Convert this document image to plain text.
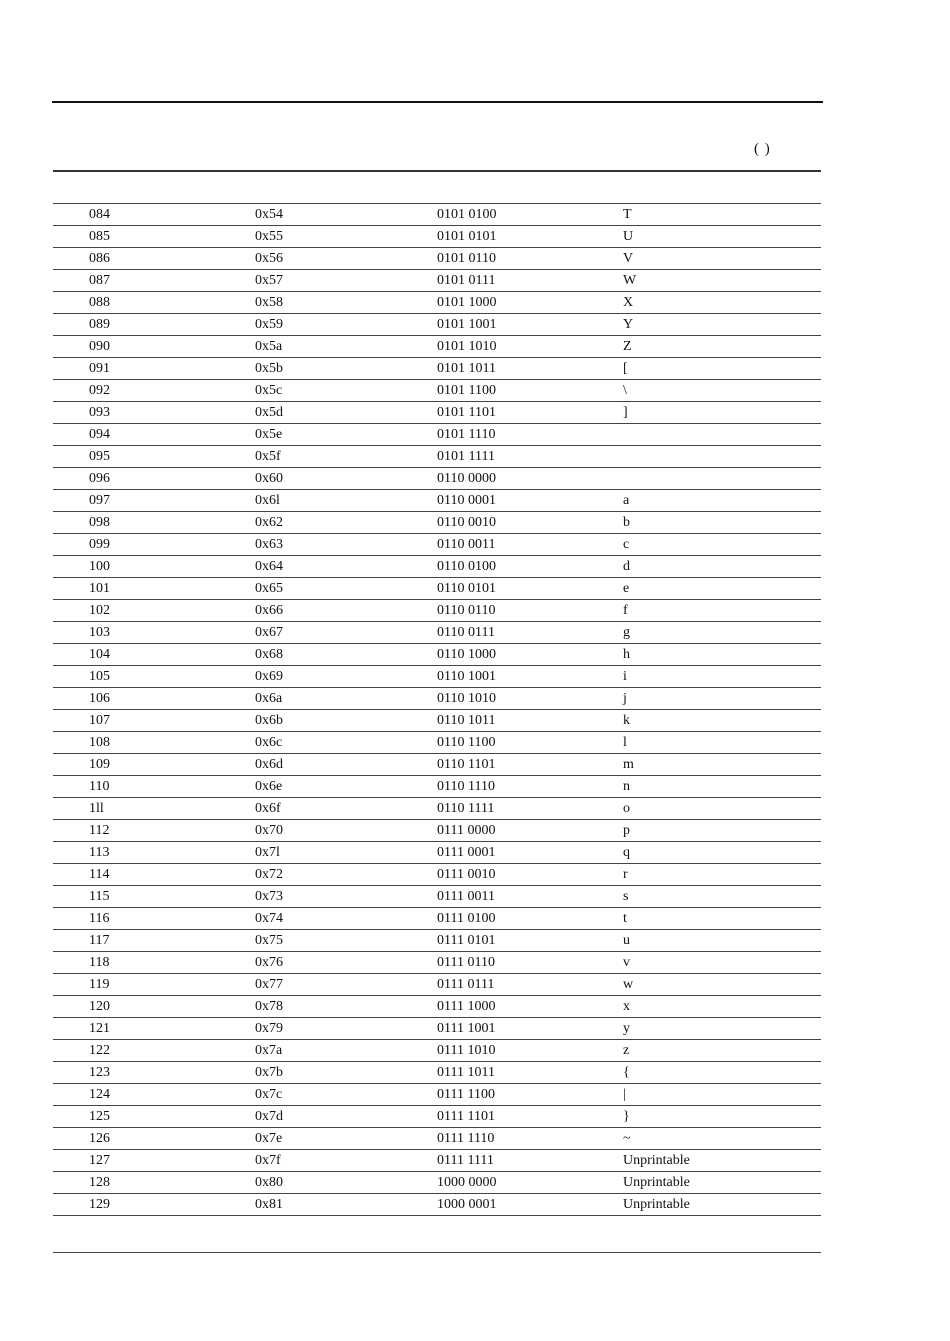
( )
084	0x54	0101 0100	T
085	0x55	0101 0101	U
086	0x56	0101 0110	V
087	0x57	0101 0111	W
088	0x58	0101 1000	X
089	0x59	0101 1001	Y
090	0x5a	0101 1010	Z
091	0x5b	0101 1011	[
092	0x5c	0101 1100	\
093	0x5d	0101 1101	]
094	0x5e	0101 1110	
095	0x5f	0101 1111	
096	0x60	0110 0000	
097	0x6l	0110 0001	a
098	0x62	0110 0010	b
099	0x63	0110 0011	c
100	0x64	0110 0100	d
101	0x65	0110 0101	e
102	0x66	0110 0110	f
103	0x67	0110 0111	g
104	0x68	0110 1000	h
105	0x69	0110 1001	i
106	0x6a	0110 1010	j
107	0x6b	0110 1011	k
108	0x6c	0110 1100	l
109	0x6d	0110 1101	m
110	0x6e	0110 1110	n
1ll	0x6f	0110 1111	o
112	0x70	0111 0000	p
113	0x7l	0111 0001	q
114	0x72	0111 0010	r
115	0x73	0111 0011	s
116	0x74	0111 0100	t
117	0x75	0111 0101	u
118	0x76	0111 0110	v
119	0x77	0111 0111	w
120	0x78	0111 1000	x
121	0x79	0111 1001	y
122	0x7a	0111 1010	z
123	0x7b	0111 1011	{
124	0x7c	0111 1100	|
125	0x7d	0111 1101	}
126	0x7e	0111 1110	~
127	0x7f	0111 1111	Unprintable
128	0x80	1000 0000	Unprintable
129	0x81	1000 0001	Unprintable
